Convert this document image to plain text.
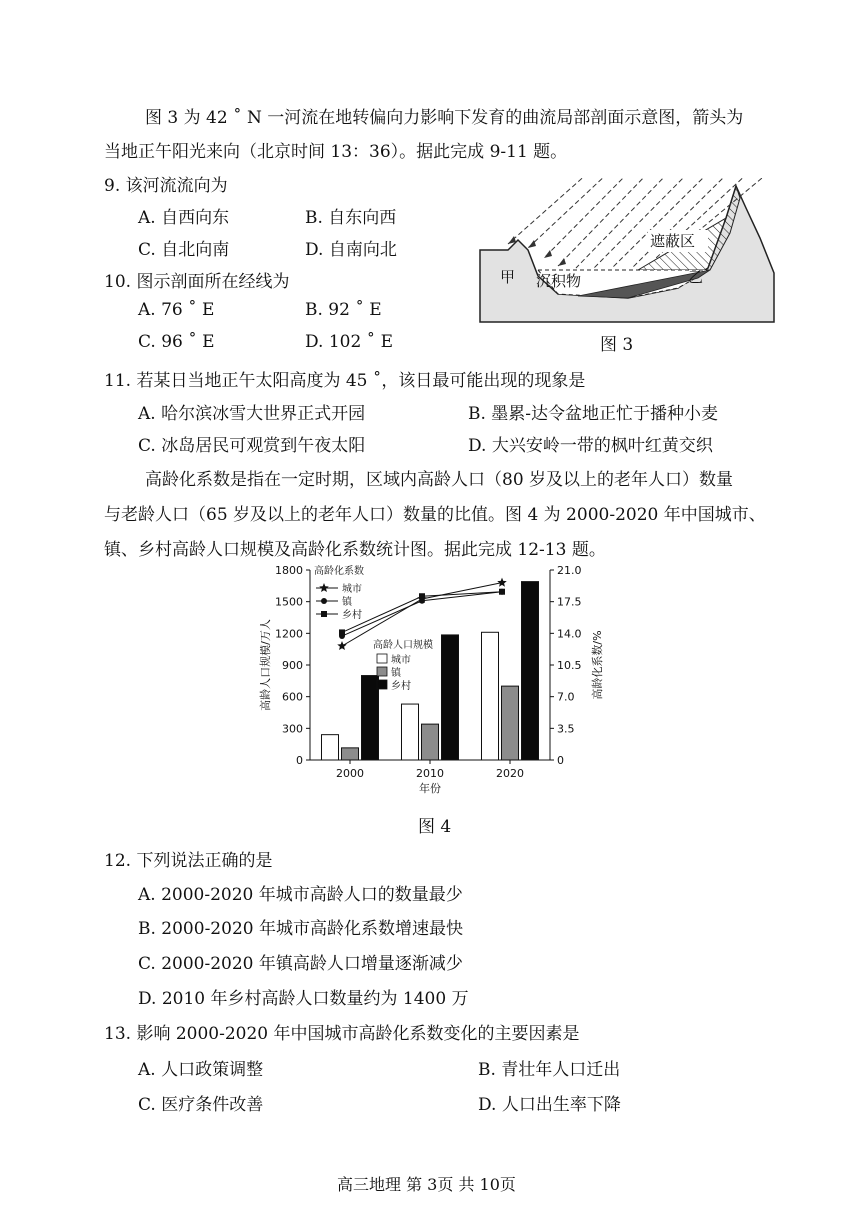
图 3 为 42 ˚ N 一河流在地转偏向力影响下发育的曲流局部剖面示意图，箭头为
当地正午阳光来向（北京时间 13：36）。据此完成 9-11 题。
9. 该河流流向为
A. 自西向东	B. 自东向西
C. 自北向南	D. 自南向北
10. 图示剖面所在经线为
A. 76 ˚ E	B. 92 ˚ E
C. 96 ˚ E	D. 102 ˚ E
遮蔽区
甲	乙
沉积物
图 3
11. 若某日当地正午太阳高度为 45 ˚，该日最可能出现的现象是
A. 哈尔滨冰雪大世界正式开园	B. 墨累-达令盆地正忙于播种小麦
C. 冰岛居民可观赏到午夜太阳	D. 大兴安岭一带的枫叶红黄交织
高龄化系数是指在一定时期，区域内高龄人口（80 岁及以上的老年人口）数量
与老龄人口（65 岁及以上的老年人口）数量的比值。图 4 为 2000-2020 年中国城市、
镇、乡村高龄人口规模及高龄化系数统计图。据此完成 12-13 题。
0
300
600
900
1200
1500
1800
0
3.5
7.0
10.5
14.0
17.5
21.0
2000	2010	2020
年份
高龄人口规模/万人	高龄化系数/%
高龄化系数
城市
镇
乡村
高龄人口规模
城市
镇
乡村
图 4
12. 下列说法正确的是
A. 2000-2020 年城市高龄人口的数量最少
B. 2000-2020 年城市高龄化系数增速最快
C. 2000-2020 年镇高龄人口增量逐渐减少
D. 2010 年乡村高龄人口数量约为 1400 万
13. 影响 2000-2020 年中国城市高龄化系数变化的主要因素是
A. 人口政策调整	B. 青壮年人口迁出
C. 医疗条件改善	D. 人口出生率下降
高三地理 第 3页 共 10页
